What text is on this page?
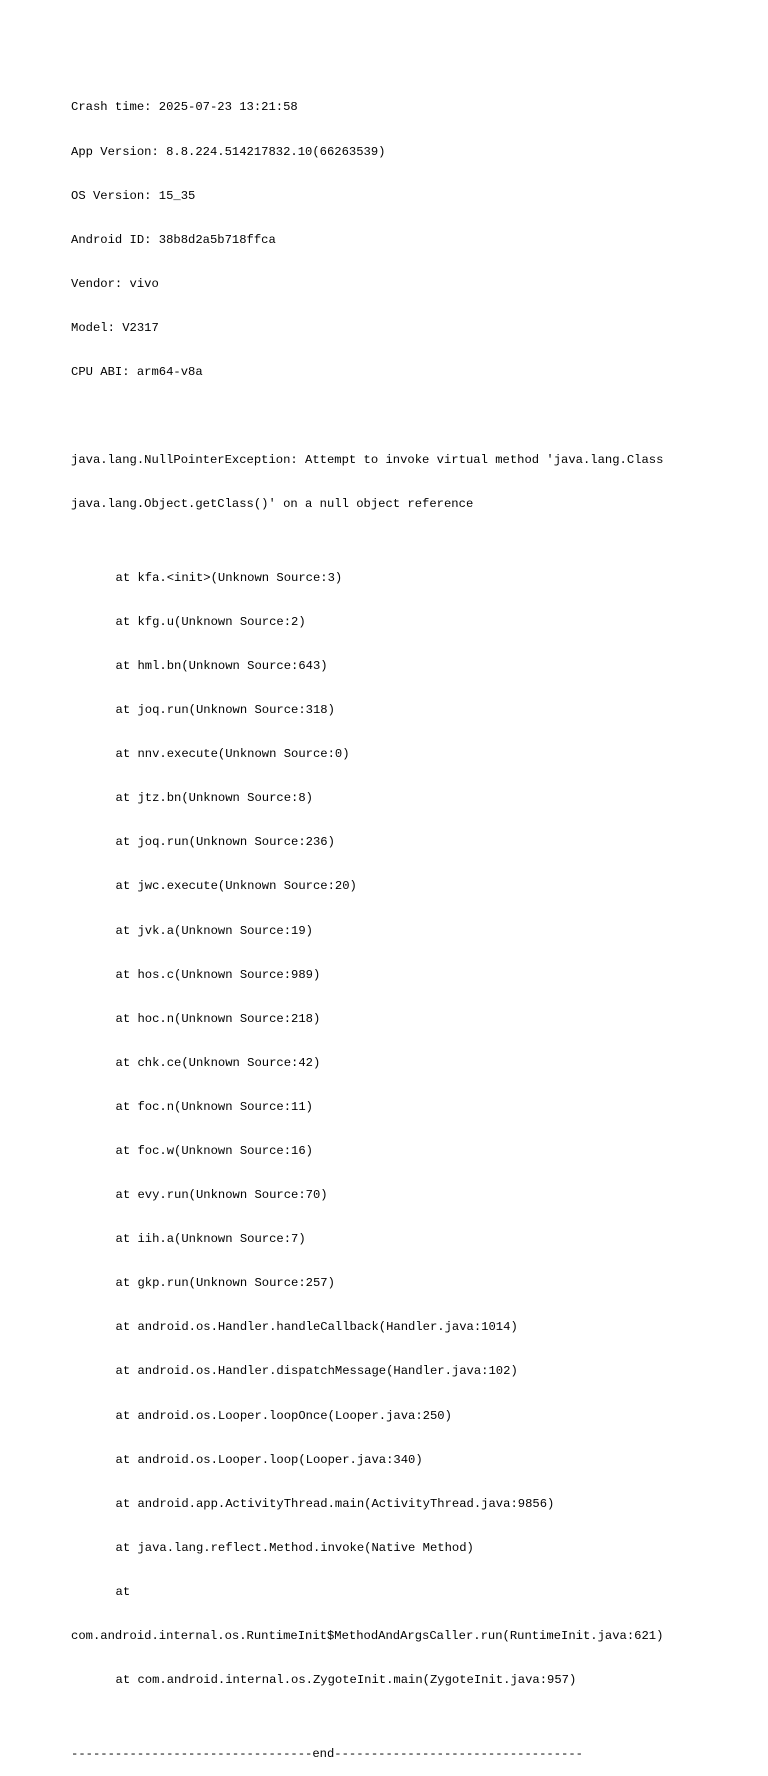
Crash time: 2025-07-23 13:21:58

App Version: 8.8.224.514217832.10(66263539)

OS Version: 15_35

Android ID: 38b8d2a5b718ffca

Vendor: vivo

Model: V2317

CPU ABI: arm64-v8a

java.lang.NullPointerException: Attempt to invoke virtual method 'java.lang.Class

java.lang.Object.getClass()' on a null object reference

at kfa.<init>(Unknown Source:3)

at kfg.u(Unknown Source:2)

at hml.bn(Unknown Source:643)

at joq.run(Unknown Source:318)

at nnv.execute(Unknown Source:0)

at jtz.bn(Unknown Source:8)

at joq.run(Unknown Source:236)

at jwc.execute(Unknown Source:20)

at jvk.a(Unknown Source:19)

at hos.c(Unknown Source:989)

at hoc.n(Unknown Source:218)

at chk.ce(Unknown Source:42)

at foc.n(Unknown Source:11)

at foc.w(Unknown Source:16)

at evy.run(Unknown Source:70)

at iih.a(Unknown Source:7)

at gkp.run(Unknown Source:257)

at android.os.Handler.handleCallback(Handler.java:1014)

at android.os.Handler.dispatchMessage(Handler.java:102)

at android.os.Looper.loopOnce(Looper.java:250)

at android.os.Looper.loop(Looper.java:340)

at android.app.ActivityThread.main(ActivityThread.java:9856)

at java.lang.reflect.Method.invoke(Native Method)

at

com.android.internal.os.RuntimeInit$MethodAndArgsCaller.run(RuntimeInit.java:621)

at com.android.internal.os.ZygoteInit.main(ZygoteInit.java:957)

---------------------------------end----------------------------------
